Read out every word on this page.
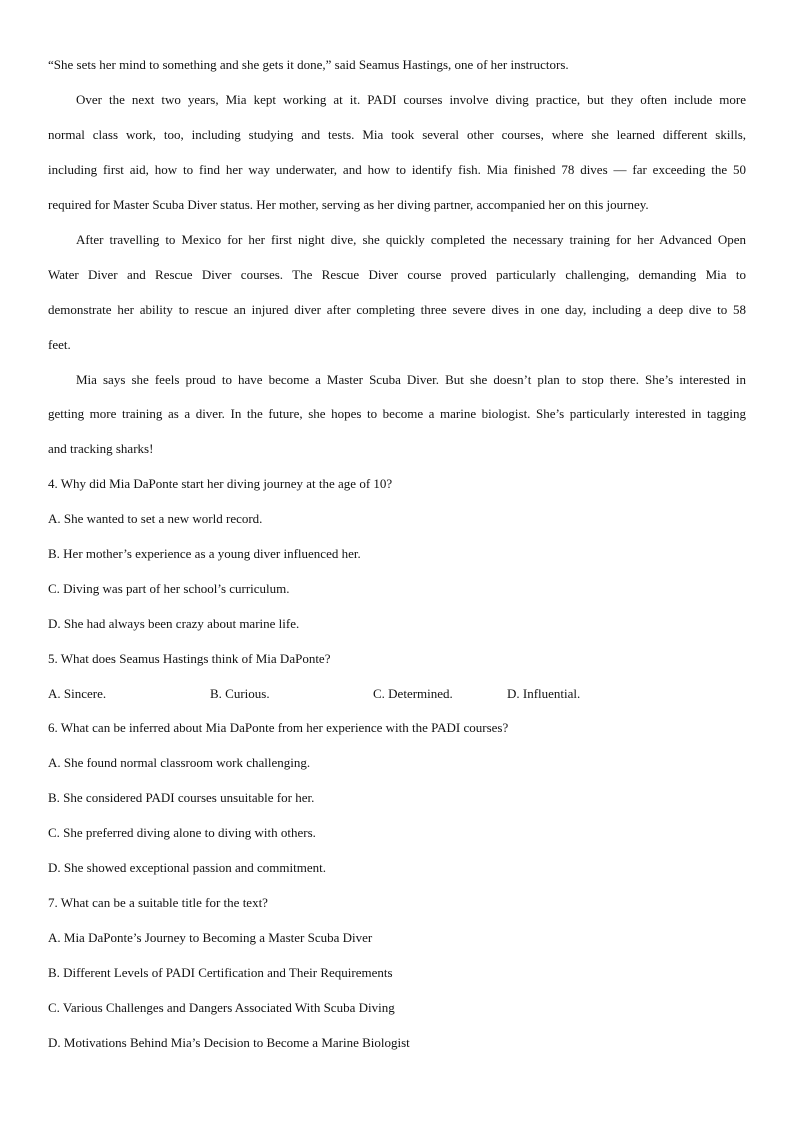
“She sets her mind to something and she gets it done,” said Seamus Hastings, one of her instructors.
Over the next two years, Mia kept working at it. PADI courses involve diving practice, but they often include more
normal class work, too, including studying and tests. Mia took several other courses, where she learned different skills,
including first aid, how to find her way underwater, and how to identify fish. Mia finished 78 dives — far exceeding the 50
required for Master Scuba Diver status. Her mother, serving as her diving partner, accompanied her on this journey.
After travelling to Mexico for her first night dive, she quickly completed the necessary training for her Advanced Open
Water Diver and Rescue Diver courses. The Rescue Diver course proved particularly challenging, demanding Mia to
demonstrate her ability to rescue an injured diver after completing three severe dives in one day, including a deep dive to 58
feet.
Mia says she feels proud to have become a Master Scuba Diver. But she doesn’t plan to stop there. She’s interested in
getting more training as a diver. In the future, she hopes to become a marine biologist. She’s particularly interested in tagging
and tracking sharks!
4. Why did Mia DaPonte start her diving journey at the age of 10?
A. She wanted to set a new world record.
B. Her mother’s experience as a young diver influenced her.
C. Diving was part of her school’s curriculum.
D. She had always been crazy about marine life.
5. What does Seamus Hastings think of Mia DaPonte?
A. Sincere.	B. Curious.	C. Determined.	D. Influential.
6. What can be inferred about Mia DaPonte from her experience with the PADI courses?
A. She found normal classroom work challenging.
B. She considered PADI courses unsuitable for her.
C. She preferred diving alone to diving with others.
D. She showed exceptional passion and commitment.
7. What can be a suitable title for the text?
A. Mia DaPonte’s Journey to Becoming a Master Scuba Diver
B. Different Levels of PADI Certification and Their Requirements
C. Various Challenges and Dangers Associated With Scuba Diving
D. Motivations Behind Mia’s Decision to Become a Marine Biologist
